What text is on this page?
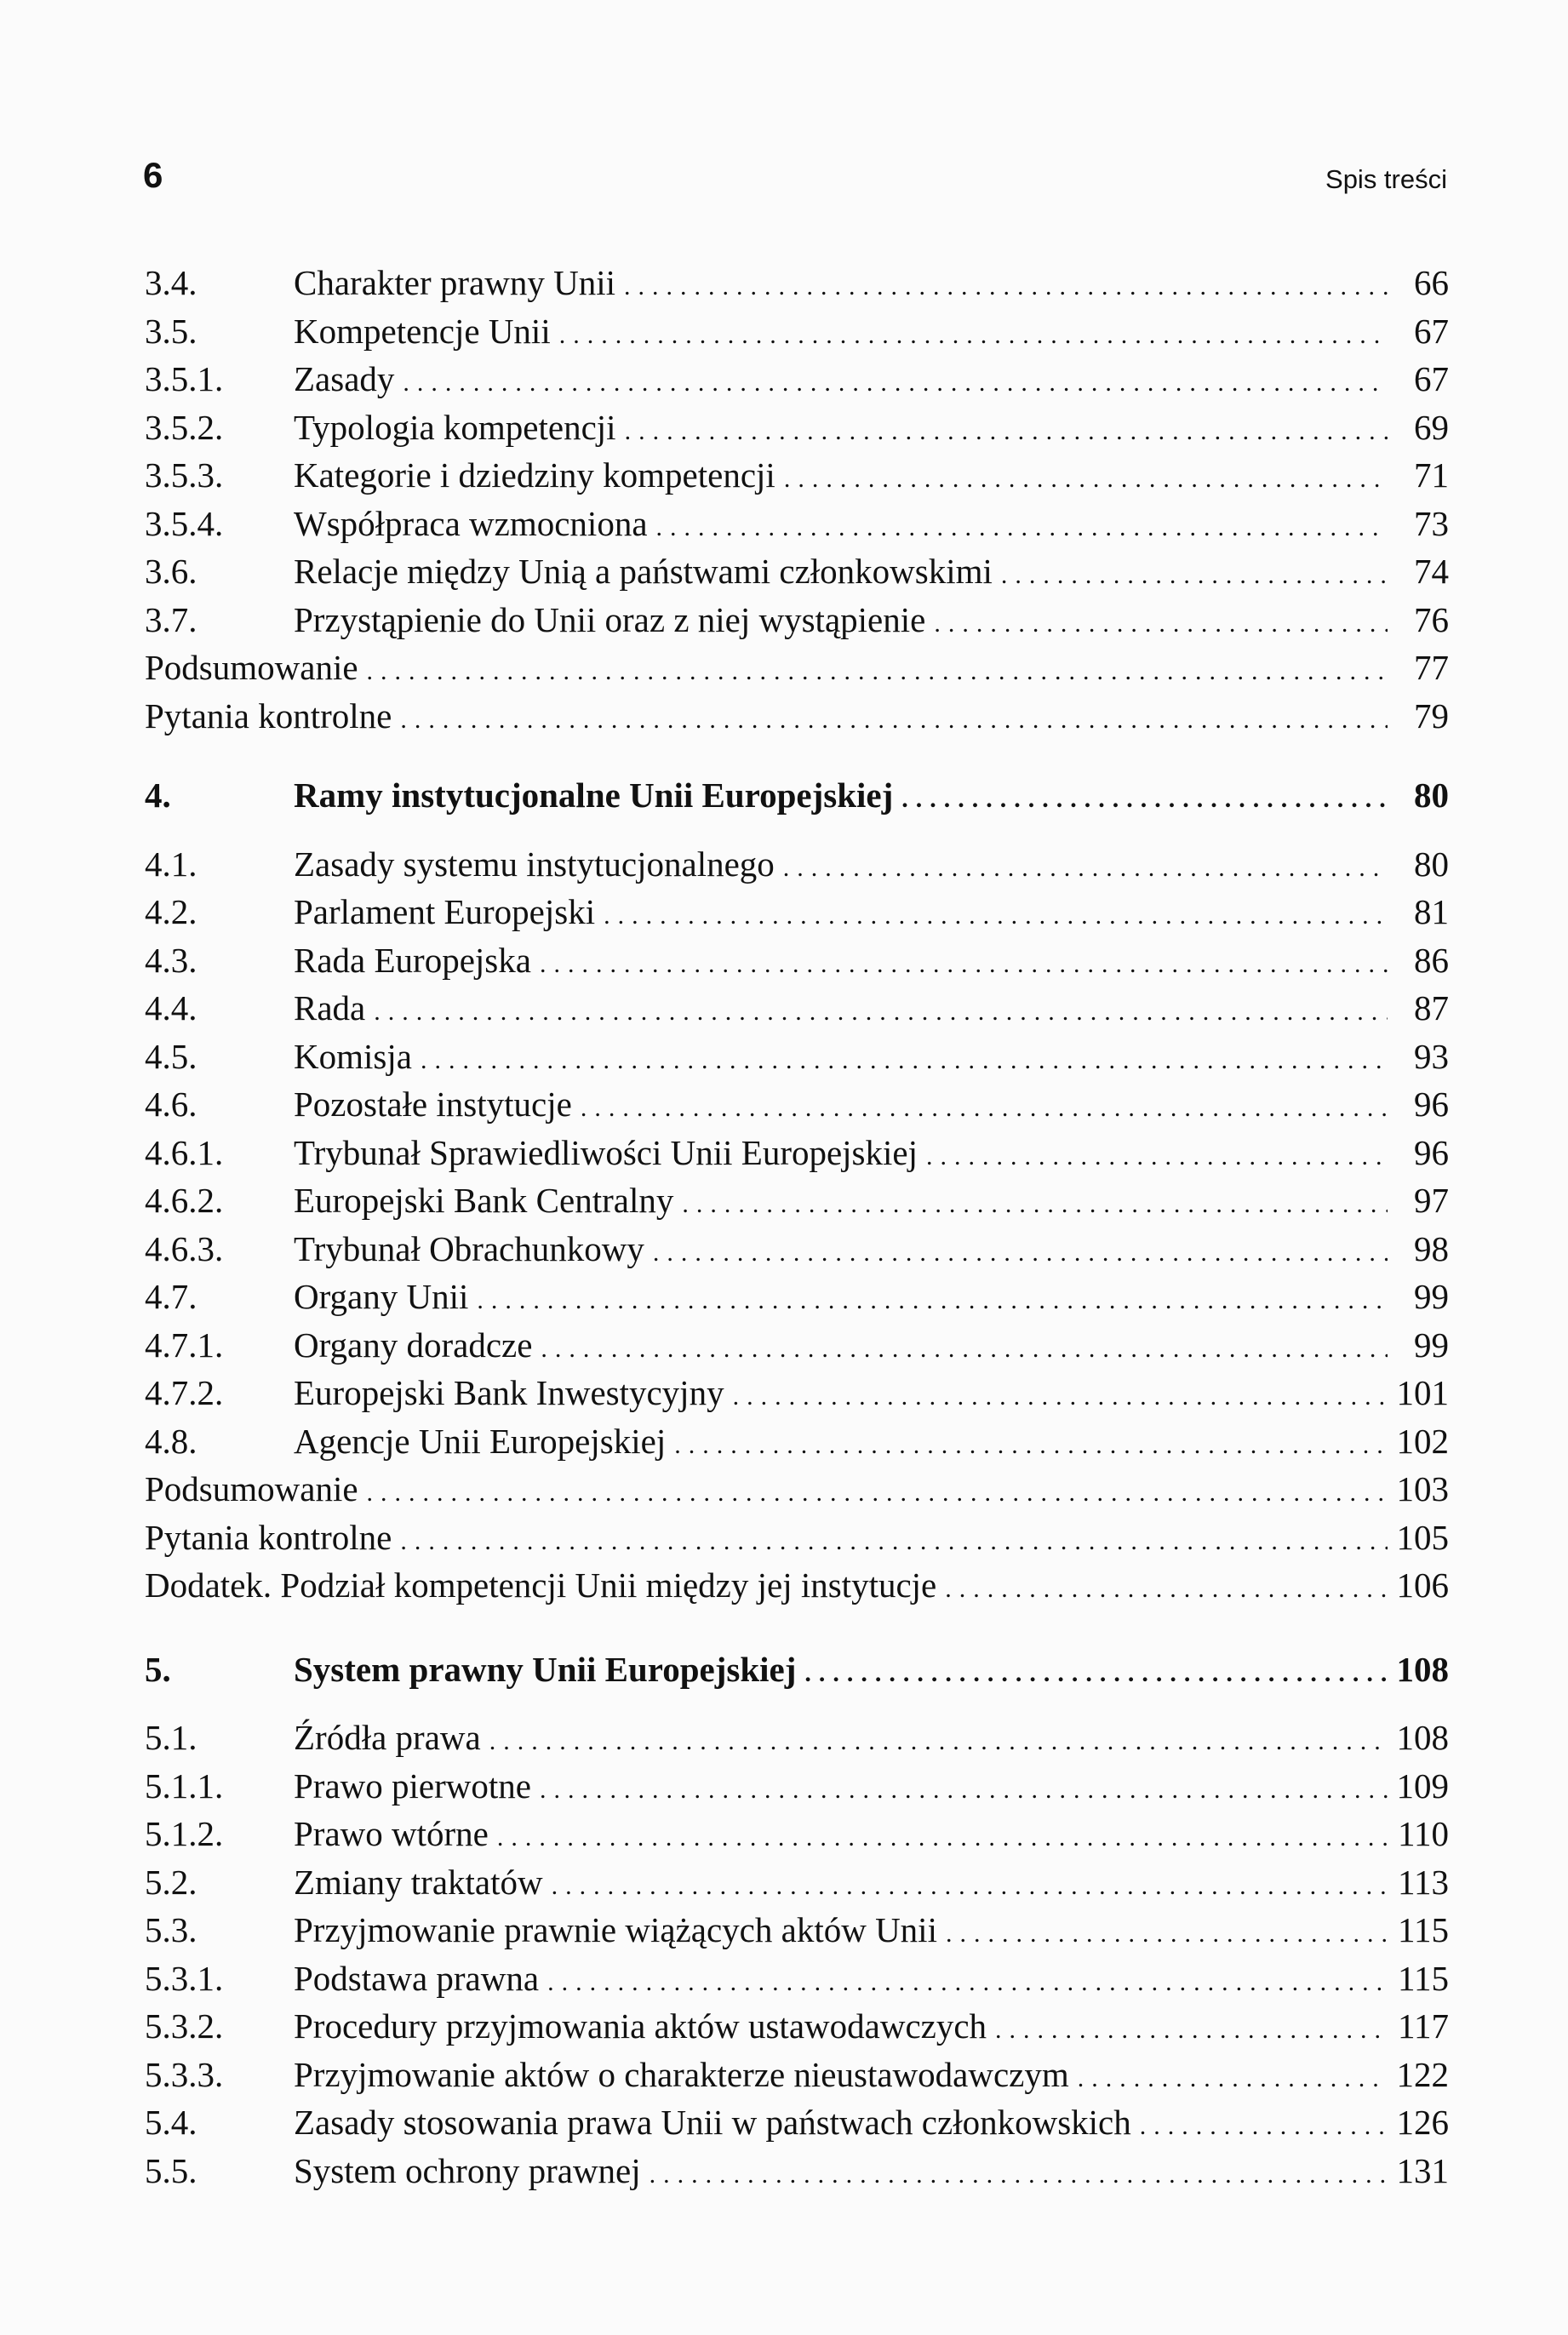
6	Spis treści
3.4.	Charakter prawny Unii .....	66
3.5.	Kompetencje Unii .....	67
3.5.1.	Zasady .....	67
3.5.2.	Typologia kompetencji .....	69
3.5.3.	Kategorie i dziedziny kompetencji .....	71
3.5.4.	Współpraca wzmocniona .....	73
3.6.	Relacje między Unią a państwami członkowskimi .....	74
3.7.	Przystąpienie do Unii oraz z niej wystąpienie .....	76
Podsumowanie .....	77
Pytania kontrolne .....	79
4.	Ramy instytucjonalne Unii Europejskiej .....	80
4.1.	Zasady systemu instytucjonalnego .....	80
4.2.	Parlament Europejski .....	81
4.3.	Rada Europejska .....	86
4.4.	Rada .....	87
4.5.	Komisja .....	93
4.6.	Pozostałe instytucje .....	96
4.6.1.	Trybunał Sprawiedliwości Unii Europejskiej .....	96
4.6.2.	Europejski Bank Centralny .....	97
4.6.3.	Trybunał Obrachunkowy .....	98
4.7.	Organy Unii .....	99
4.7.1.	Organy doradcze .....	99
4.7.2.	Europejski Bank Inwestycyjny .....	101
4.8.	Agencje Unii Europejskiej .....	102
Podsumowanie .....	103
Pytania kontrolne .....	105
Dodatek. Podział kompetencji Unii między jej instytucje .....	106
5.	System prawny Unii Europejskiej .....	108
5.1.	Źródła prawa .....	108
5.1.1.	Prawo pierwotne .....	109
5.1.2.	Prawo wtórne .....	110
5.2.	Zmiany traktatów .....	113
5.3.	Przyjmowanie prawnie wiążących aktów Unii .....	115
5.3.1.	Podstawa prawna .....	115
5.3.2.	Procedury przyjmowania aktów ustawodawczych .....	117
5.3.3.	Przyjmowanie aktów o charakterze nieustawodawczym .....	122
5.4.	Zasady stosowania prawa Unii w państwach członkowskich .....	126
5.5.	System ochrony prawnej .....	131
